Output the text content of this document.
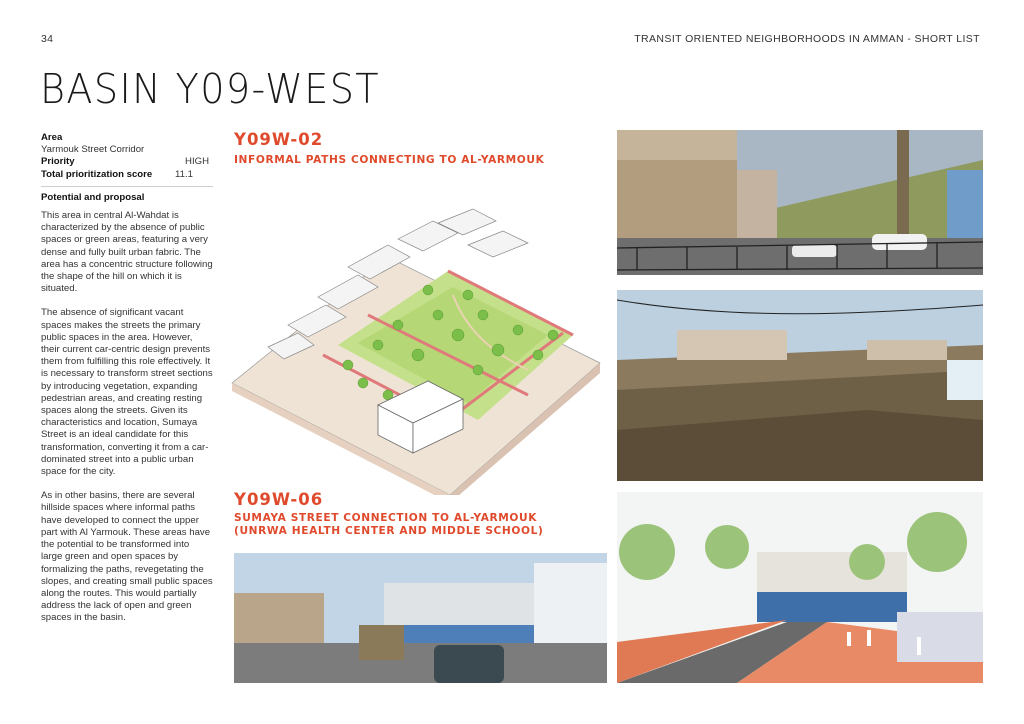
34	TRANSIT ORIENTED NEIGHBORHOODS IN AMMAN - SHORT LIST
BASIN Y09-WEST
Area
Yarmouk Street Corridor
Priority	HIGH
Total prioritization score 11.1
Potential and proposal

This area in central Al-Wahdat is characterized by the absence of public spaces or green areas, featuring a very dense and fully built urban fabric. The area has a concentric structure following the shape of the hill on which it is situated.

The absence of significant vacant spaces makes the streets the primary public spaces in the area. However, their current car-centric design prevents them from fulfilling this role effectively. It is necessary to transform street sections by introducing vegetation, expanding pedestrian areas, and creating resting spaces along the streets. Given its characteristics and location, Sumaya Street is an ideal candidate for this transformation, converting it from a car-dominated street into a public urban space for the city.

As in other basins, there are several hillside spaces where informal paths have developed to connect the upper part with Al Yarmouk. These areas have the potential to be transformed into large green and open spaces by formalizing the paths, revegetating the slopes, and creating small public spaces along the routes. This would partially address the lack of open and green spaces in the basin.

Y09W-02
INFORMAL PATHS CONNECTING TO AL-YARMOUK
Y09W-06
SUMAYA STREET CONNECTION TO AL-YARMOUK
(UNRWA HEALTH CENTER AND MIDDLE SCHOOL)
